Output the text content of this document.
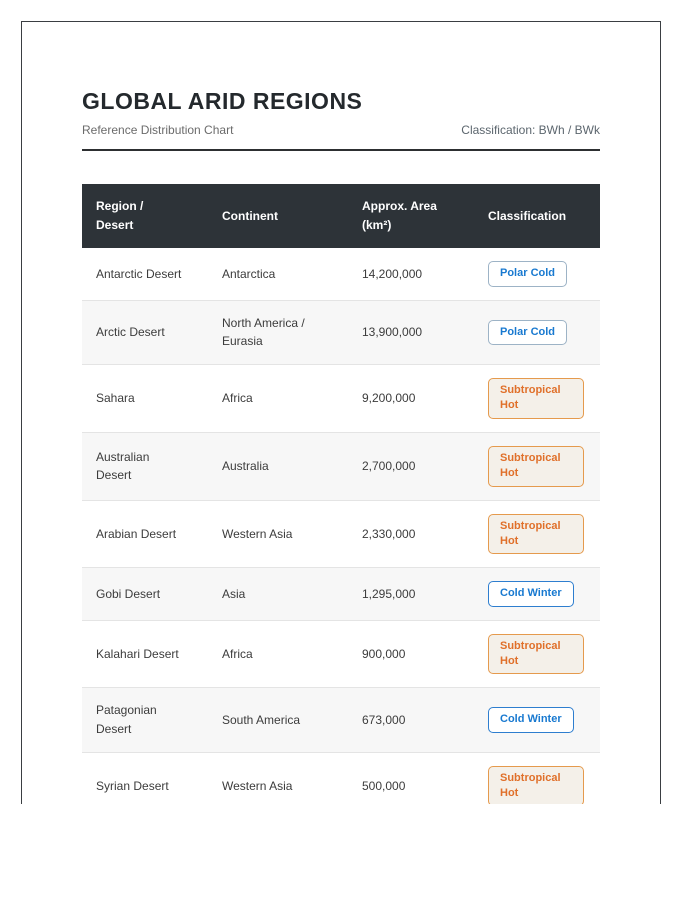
GLOBAL ARID REGIONS
Reference Distribution Chart	Classification: BWh / BWk
Region / Desert	Continent	Approx. Area (km²)	Classification
Antarctic Desert	Antarctica	14,200,000	Polar Cold
Arctic Desert	North America / Eurasia	13,900,000	Polar Cold
Sahara	Africa	9,200,000	Subtropical Hot
Australian Desert	Australia	2,700,000	Subtropical Hot
Arabian Desert	Western Asia	2,330,000	Subtropical Hot
Gobi Desert	Asia	1,295,000	Cold Winter
Kalahari Desert	Africa	900,000	Subtropical Hot
Patagonian Desert	South America	673,000	Cold Winter
Syrian Desert	Western Asia	500,000	Subtropical Hot
